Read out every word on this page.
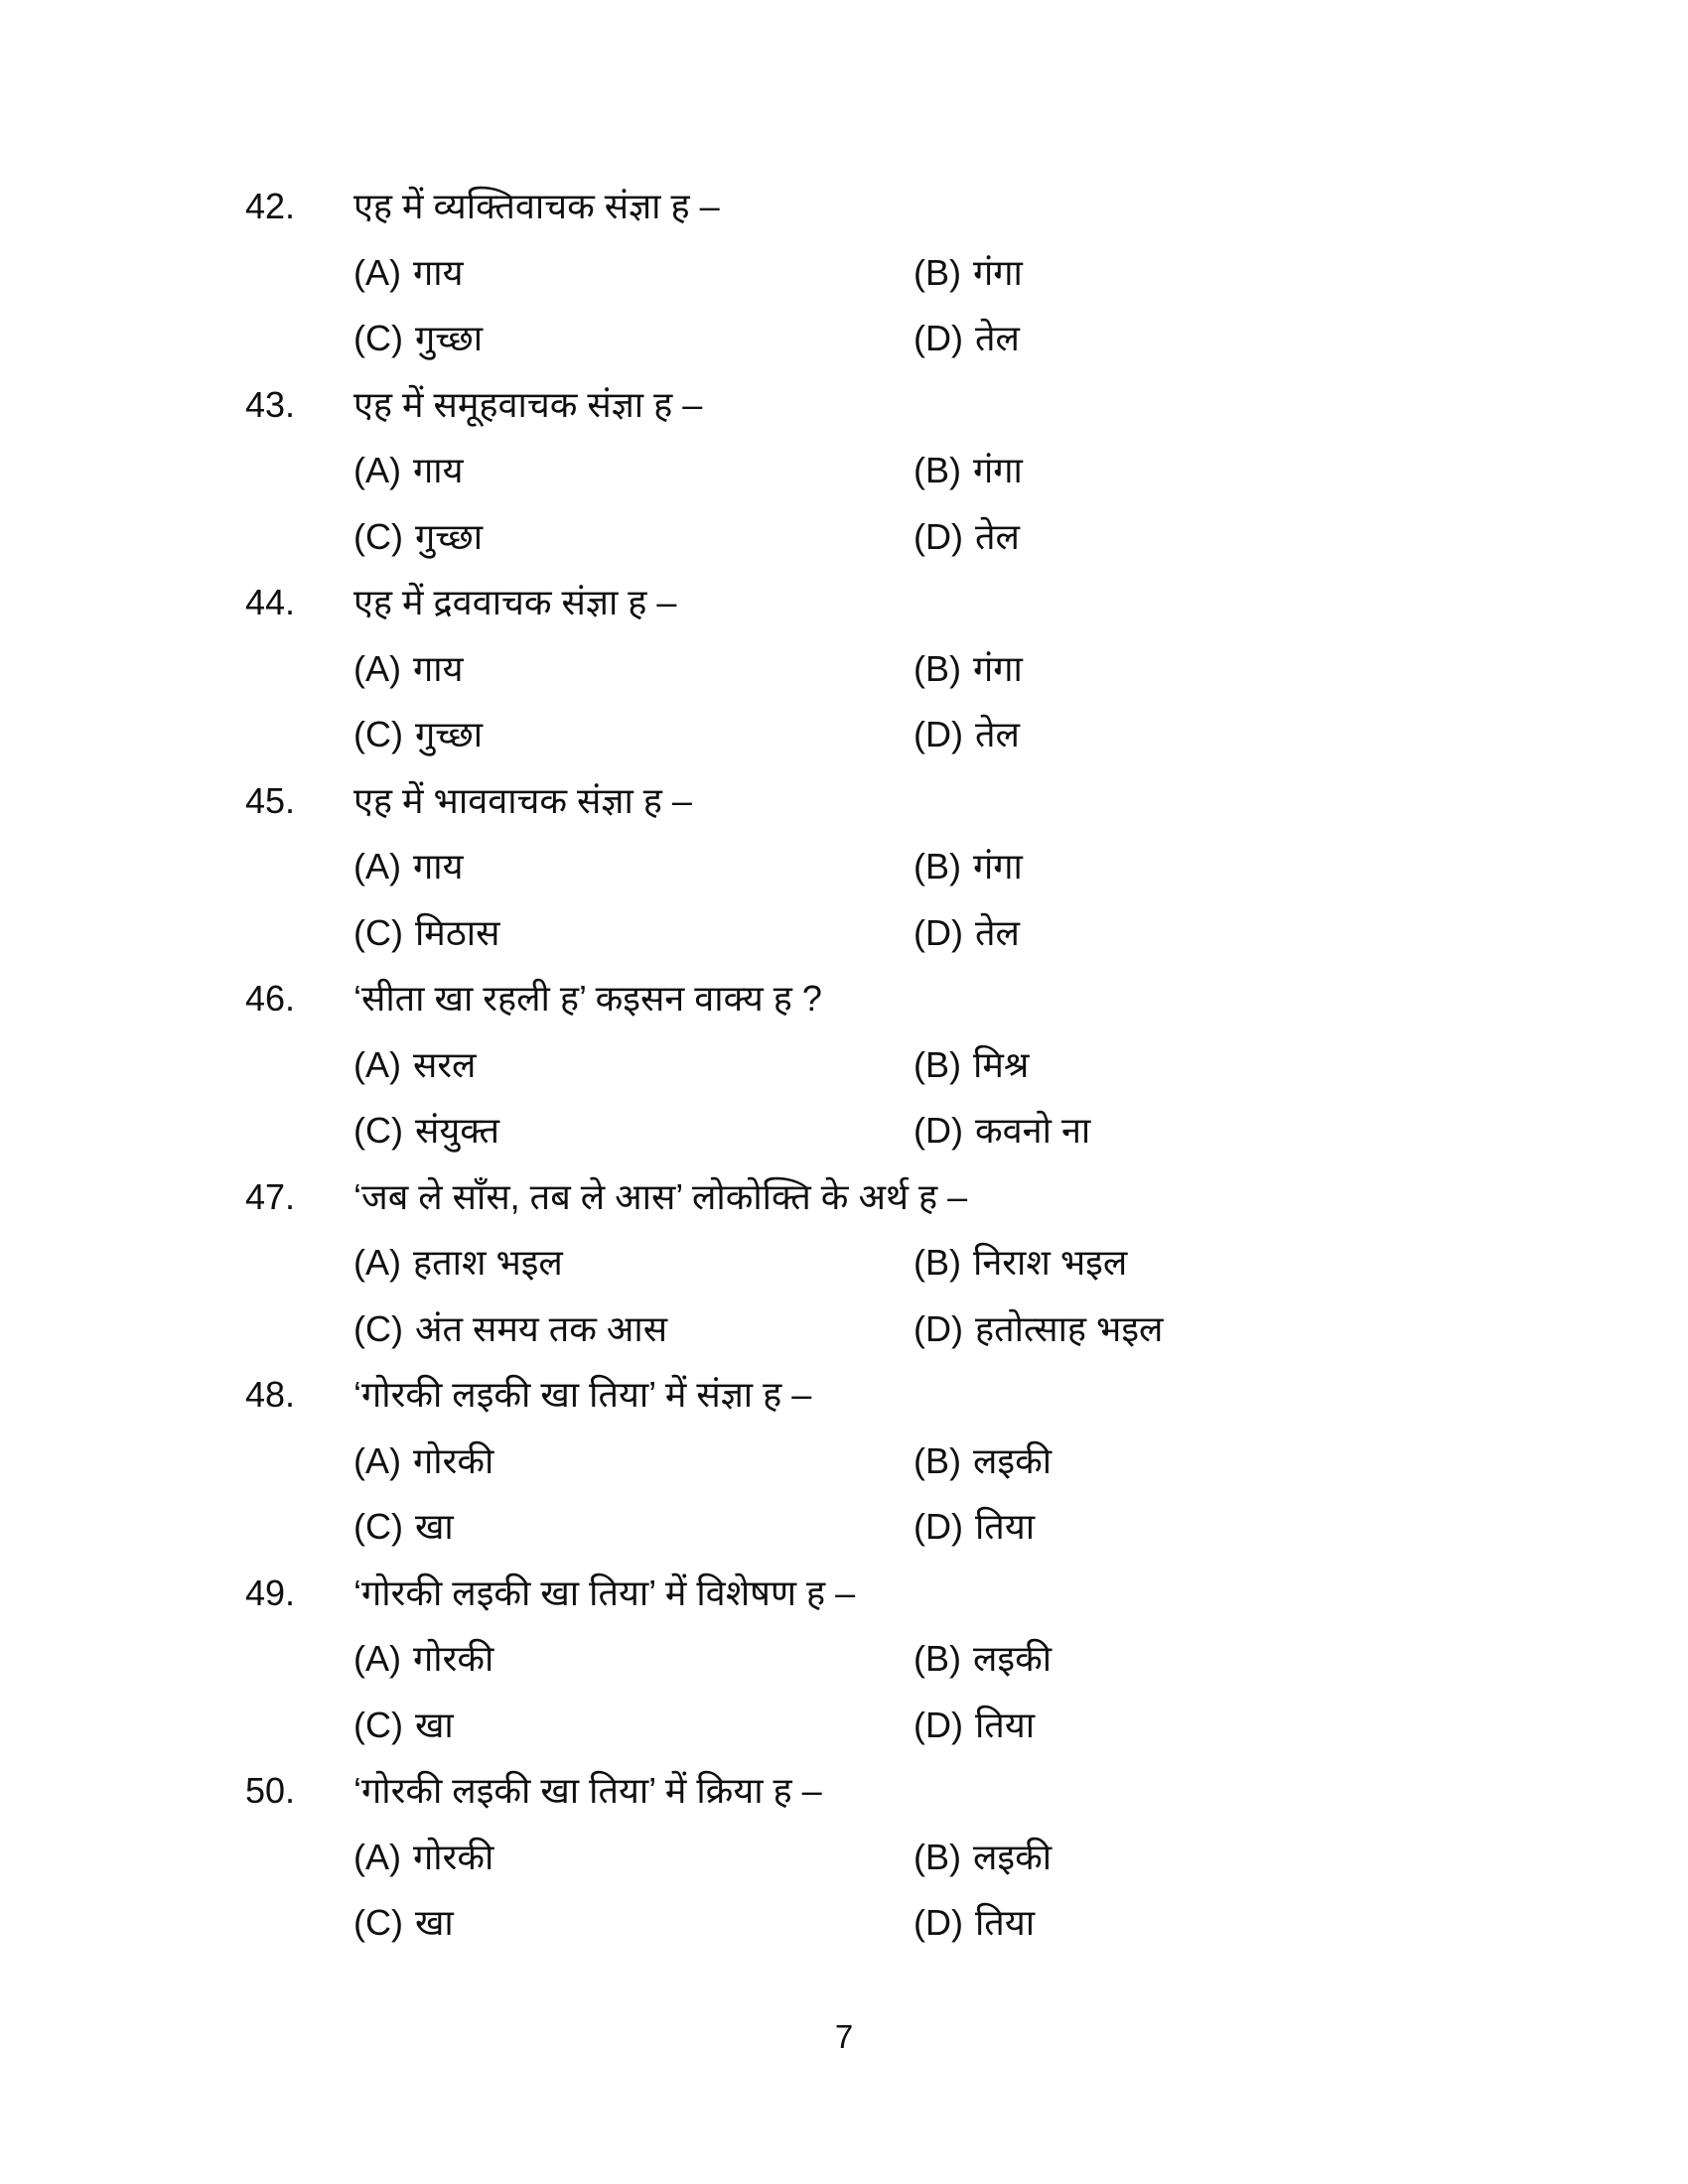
42. एह में व्यक्तिवाचक संज्ञा ह –
(A) गाय	(B) गंगा
(C) गुच्छा	(D) तेल
43. एह में समूहवाचक संज्ञा ह –
(A) गाय	(B) गंगा
(C) गुच्छा	(D) तेल
44. एह में द्रववाचक संज्ञा ह –
(A) गाय	(B) गंगा
(C) गुच्छा	(D) तेल
45. एह में भाववाचक संज्ञा ह –
(A) गाय	(B) गंगा
(C) मिठास	(D) तेल
46. ‘सीता खा रहली ह’ कइसन वाक्य ह ?
(A) सरल	(B) मिश्र
(C) संयुक्त	(D) कवनो ना
47. ‘जब ले साँस, तब ले आस’ लोकोक्ति के अर्थ ह –
(A) हताश भइल	(B) निराश भइल
(C) अंत समय तक आस	(D) हतोत्साह भइल
48. ‘गोरकी लइकी खा तिया’ में संज्ञा ह –
(A) गोरकी	(B) लइकी
(C) खा	(D) तिया
49. ‘गोरकी लइकी खा तिया’ में विशेषण ह –
(A) गोरकी	(B) लइकी
(C) खा	(D) तिया
50. ‘गोरकी लइकी खा तिया’ में क्रिया ह –
(A) गोरकी	(B) लइकी
(C) खा	(D) तिया
7
